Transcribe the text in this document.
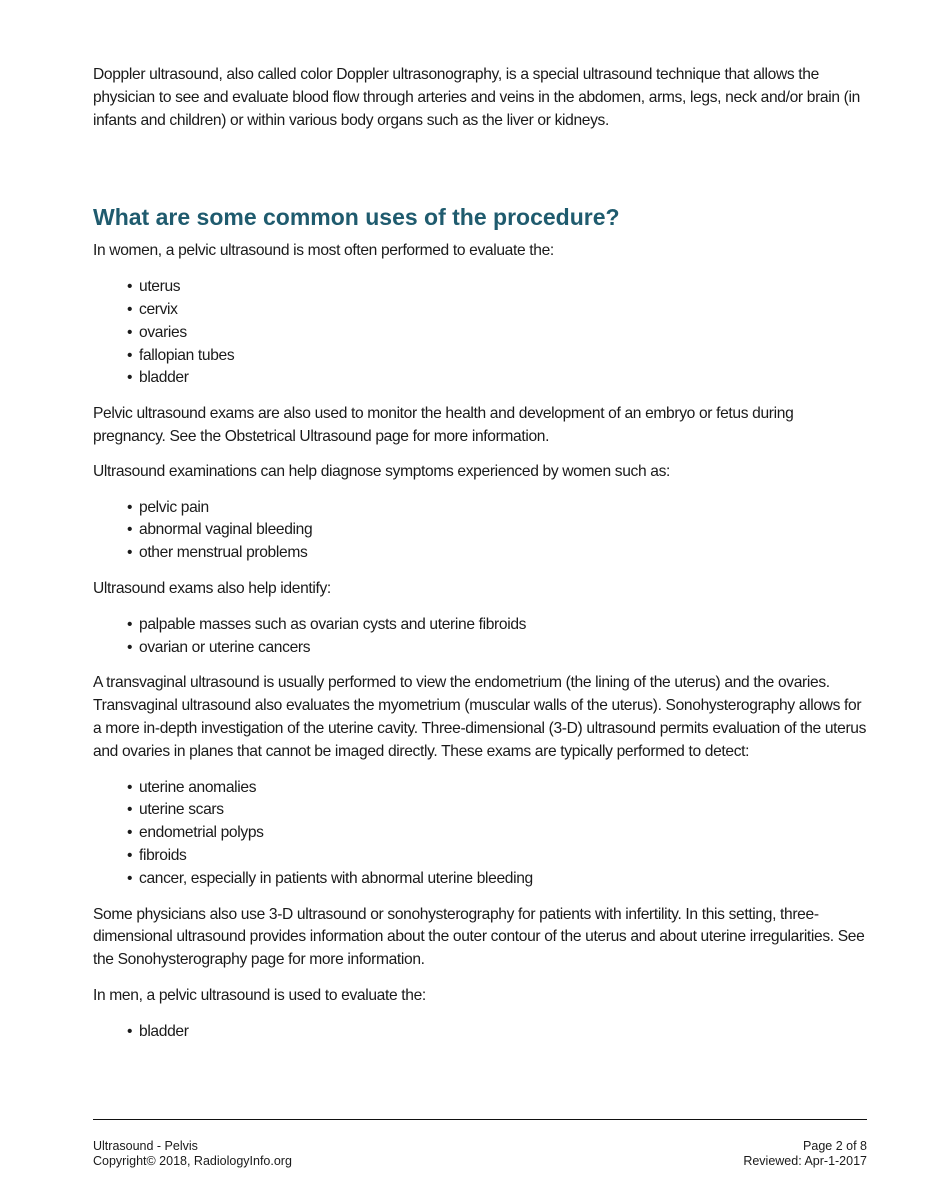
Doppler ultrasound, also called color Doppler ultrasonography, is a special ultrasound technique that allows the physician to see and evaluate blood flow through arteries and veins in the abdomen, arms, legs, neck and/or brain (in infants and children) or within various body organs such as the liver or kidneys.

What are some common uses of the procedure?

In women, a pelvic ultrasound is most often performed to evaluate the:

• uterus
• cervix
• ovaries
• fallopian tubes
• bladder

Pelvic ultrasound exams are also used to monitor the health and development of an embryo or fetus during pregnancy. See the Obstetrical Ultrasound page for more information.

Ultrasound examinations can help diagnose symptoms experienced by women such as:

• pelvic pain
• abnormal vaginal bleeding
• other menstrual problems

Ultrasound exams also help identify:

• palpable masses such as ovarian cysts and uterine fibroids
• ovarian or uterine cancers

A transvaginal ultrasound is usually performed to view the endometrium (the lining of the uterus) and the ovaries. Transvaginal ultrasound also evaluates the myometrium (muscular walls of the uterus). Sonohysterography allows for a more in-depth investigation of the uterine cavity. Three-dimensional (3-D) ultrasound permits evaluation of the uterus and ovaries in planes that cannot be imaged directly. These exams are typically performed to detect:

• uterine anomalies
• uterine scars
• endometrial polyps
• fibroids
• cancer, especially in patients with abnormal uterine bleeding

Some physicians also use 3-D ultrasound or sonohysterography for patients with infertility. In this setting, three-dimensional ultrasound provides information about the outer contour of the uterus and about uterine irregularities. See the Sonohysterography page for more information.

In men, a pelvic ultrasound is used to evaluate the:

• bladder
Ultrasound - Pelvis	Page 2 of 8
Copyright© 2018, RadiologyInfo.org	Reviewed: Apr-1-2017
